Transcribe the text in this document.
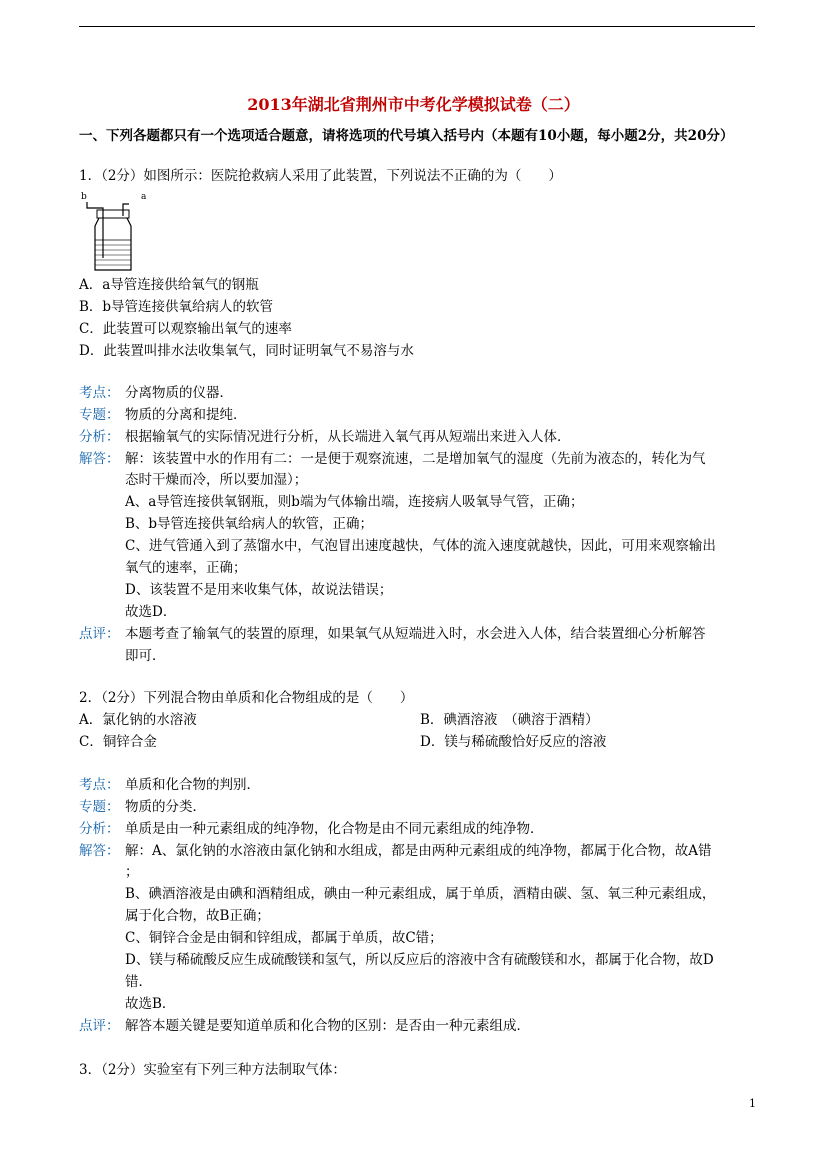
2013年湖北省荆州市中考化学模拟试卷（二）
一、下列各题都只有一个选项适合题意，请将选项的代号填入括号内（本题有10小题，每小题2分，共20分）
1．（2分）如图所示：医院抢救病人采用了此装置，下列说法不正确的为（　　）
b	a
A．a导管连接供给氧气的钢瓶
B．b导管连接供氧给病人的软管
C．此装置可以观察输出氧气的速率
D．此装置叫排水法收集氧气，同时证明氧气不易溶与水
考点： 分离物质的仪器．
专题： 物质的分离和提纯．
分析： 根据输氧气的实际情况进行分析，从长端进入氧气再从短端出来进入人体．
解答： 解：该装置中水的作用有二：一是便于观察流速，二是增加氧气的湿度（先前为液态的，转化为气
态时干燥而冷，所以要加湿）；
A、a导管连接供氧钢瓶，则b端为气体输出端，连接病人吸氧导气管，正确；
B、b导管连接供氧给病人的软管，正确；
C、进气管通入到了蒸馏水中，气泡冒出速度越快，气体的流入速度就越快，因此，可用来观察输出
氧气的速率，正确；
D、该装置不是用来收集气体，故说法错误；
故选D．
点评： 本题考查了输氧气的装置的原理，如果氧气从短端进入时，水会进入人体，结合装置细心分析解答
即可．
2．（2分）下列混合物由单质和化合物组成的是（　　）
A．氯化钠的水溶液	B．碘酒溶液　（碘溶于酒精）
C．铜锌合金	D．镁与稀硫酸恰好反应的溶液
考点： 单质和化合物的判别．
专题： 物质的分类．
分析： 单质是由一种元素组成的纯净物，化合物是由不同元素组成的纯净物．
解答： 解：A、氯化钠的水溶液由氯化钠和水组成，都是由两种元素组成的纯净物，都属于化合物，故A错
；
B、碘酒溶液是由碘和酒精组成，碘由一种元素组成，属于单质，酒精由碳、氢、氧三种元素组成，
属于化合物，故B正确；
C、铜锌合金是由铜和锌组成，都属于单质，故C错；
D、镁与稀硫酸反应生成硫酸镁和氢气，所以反应后的溶液中含有硫酸镁和水，都属于化合物，故D
错．
故选B．
点评： 解答本题关键是要知道单质和化合物的区别：是否由一种元素组成．
3．（2分）实验室有下列三种方法制取气体：
1
